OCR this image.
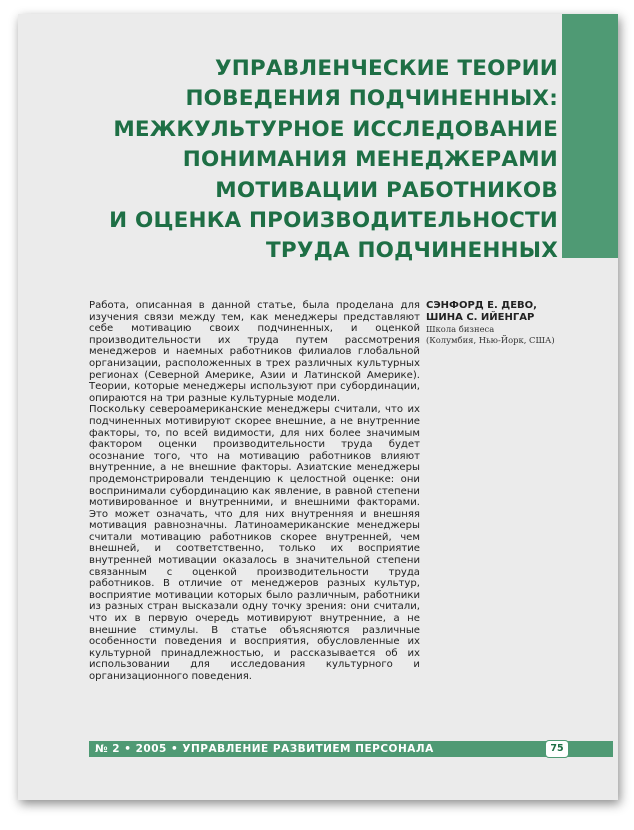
УПРАВЛЕНЧЕСКИЕ ТЕОРИИ
ПОВЕДЕНИЯ ПОДЧИНЕННЫХ:
МЕЖКУЛЬТУРНОЕ ИССЛЕДОВАНИЕ
ПОНИМАНИЯ МЕНЕДЖЕРАМИ
МОТИВАЦИИ РАБОТНИКОВ
И ОЦЕНКА ПРОИЗВОДИТЕЛЬНОСТИ
ТРУДА ПОДЧИНЕННЫХ

Работа, описанная в данной статье, была проделана для изучения связи между тем, как менеджеры представляют себе мотивацию своих подчиненных, и оценкой производительности их труда путем рассмотрения менеджеров и наемных работников филиалов глобальной организации, расположенных в трех различных культурных регионах (Северной Америке, Азии и Латинской Америке). Теории, которые менеджеры используют при субординации, опираются на три разные культурные модели.

Поскольку североамериканские менеджеры считали, что их подчиненных мотивируют скорее внешние, а не внутренние факторы, то, по всей видимости, для них более значимым фактором оценки производительности труда будет осознание того, что на мотивацию работников влияют внутренние, а не внешние факторы. Азиатские менеджеры продемонстрировали тенденцию к целостной оценке: они воспринимали субординацию как явление, в равной степени мотивированное и внутренними, и внешними факторами. Это может означать, что для них внутренняя и внешняя мотивация равнозначны. Латиноамериканские менеджеры считали мотивацию работников скорее внутренней, чем внешней, и соответственно, только их восприятие внутренней мотивации оказалось в значительной степени связанным с оценкой производительности труда работников. В отличие от менеджеров разных культур, восприятие мотивации которых было различным, работники из разных стран высказали одну точку зрения: они считали, что их в первую очередь мотивируют внутренние, а не внешние стимулы. В статье объясняются различные особенности поведения и восприятия, обусловленные их культурной принадлежностью, и рассказывается об их использовании для исследования культурного и организационного поведения.

СЭНФОРД Е. ДЕВО,
ШИНА С. ИЙЕНГАР
Школа бизнеса
(Колумбия, Нью-Йорк, США)
№ 2 • 2005 • УПРАВЛЕНИЕ РАЗВИТИЕМ ПЕРСОНАЛА	75
